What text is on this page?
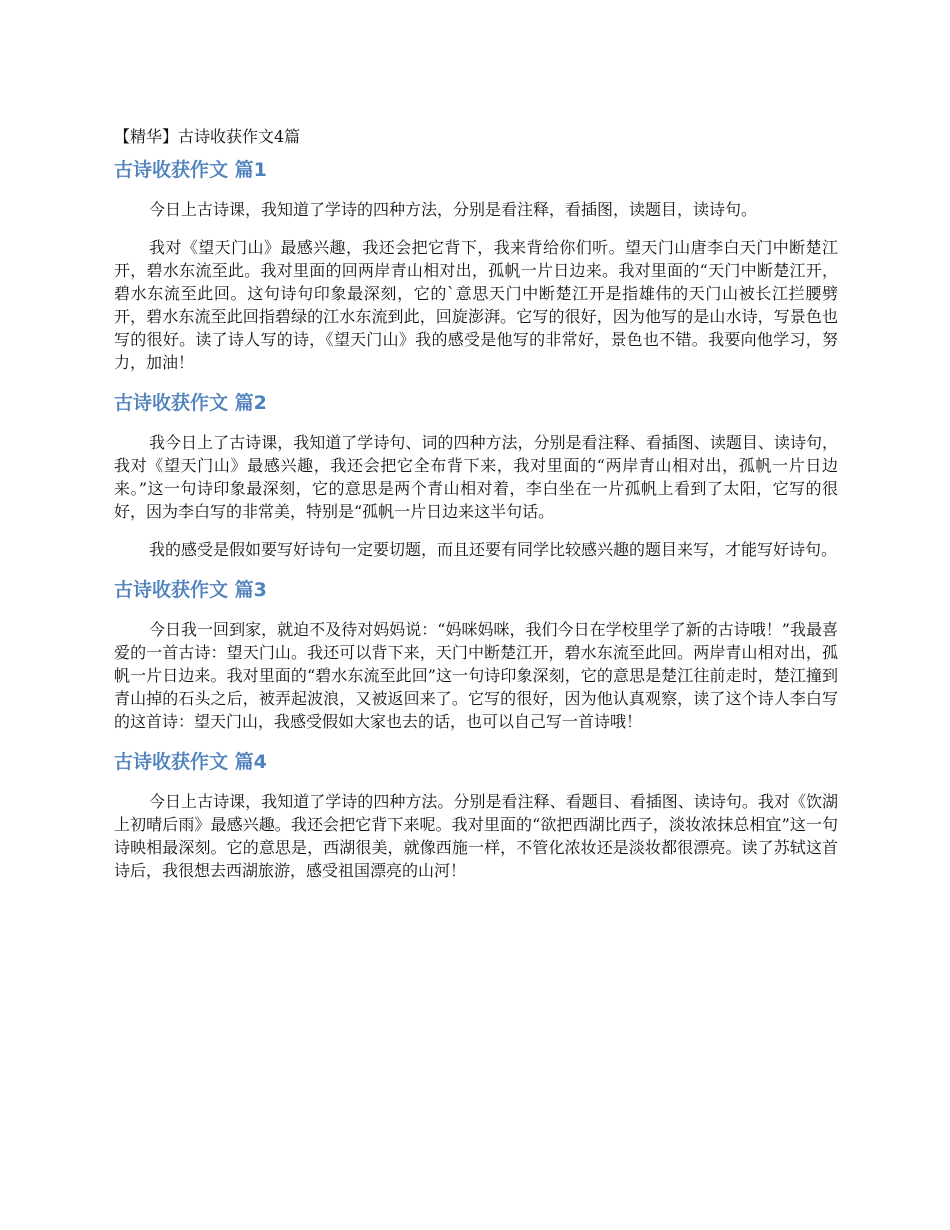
【精华】古诗收获作文4篇
古诗收获作文 篇1

今日上古诗课，我知道了学诗的四种方法，分别是看注释，看插图，读题目，读诗句。

我对《望天门山》最感兴趣，我还会把它背下，我来背给你们听。望天门山唐李白天门中断楚江开，碧水东流至此。我对里面的回两岸青山相对出，孤帆一片日边来。我对里面的“天门中断楚江开，碧水东流至此回。这句诗句印象最深刻，它的`意思天门中断楚江开是指雄伟的天门山被长江拦腰劈开，碧水东流至此回指碧绿的江水东流到此，回旋澎湃。它写的很好，因为他写的是山水诗，写景色也写的很好。读了诗人写的诗，《望天门山》我的感受是他写的非常好，景色也不错。我要向他学习，努力，加油！

古诗收获作文 篇2

我今日上了古诗课，我知道了学诗句、词的四种方法，分别是看注释、看插图、读题目、读诗句，我对《望天门山》最感兴趣，我还会把它全布背下来，我对里面的“两岸青山相对出，孤帆一片日边来。”这一句诗印象最深刻，它的意思是两个青山相对着，李白坐在一片孤帆上看到了太阳，它写的很好，因为李白写的非常美，特别是“孤帆一片日边来这半句话。

我的感受是假如要写好诗句一定要切题，而且还要有同学比较感兴趣的题目来写，才能写好诗句。

古诗收获作文 篇3

今日我一回到家，就迫不及待对妈妈说：“妈咪妈咪，我们今日在学校里学了新的古诗哦！”我最喜爱的一首古诗：望天门山。我还可以背下来，天门中断楚江开，碧水东流至此回。两岸青山相对出，孤帆一片日边来。我对里面的“碧水东流至此回”这一句诗印象深刻，它的意思是楚江往前走时，楚江撞到青山掉的石头之后，被弄起波浪，又被返回来了。它写的很好，因为他认真观察，读了这个诗人李白写的这首诗：望天门山，我感受假如大家也去的话，也可以自己写一首诗哦！

古诗收获作文 篇4

今日上古诗课，我知道了学诗的四种方法。分别是看注释、看题目、看插图、读诗句。我对《饮湖上初晴后雨》最感兴趣。我还会把它背下来呢。我对里面的“欲把西湖比西子，淡妆浓抹总相宜”这一句诗映相最深刻。它的意思是，西湖很美，就像西施一样，不管化浓妆还是淡妆都很漂亮。读了苏轼这首诗后，我很想去西湖旅游，感受祖国漂亮的山河！
